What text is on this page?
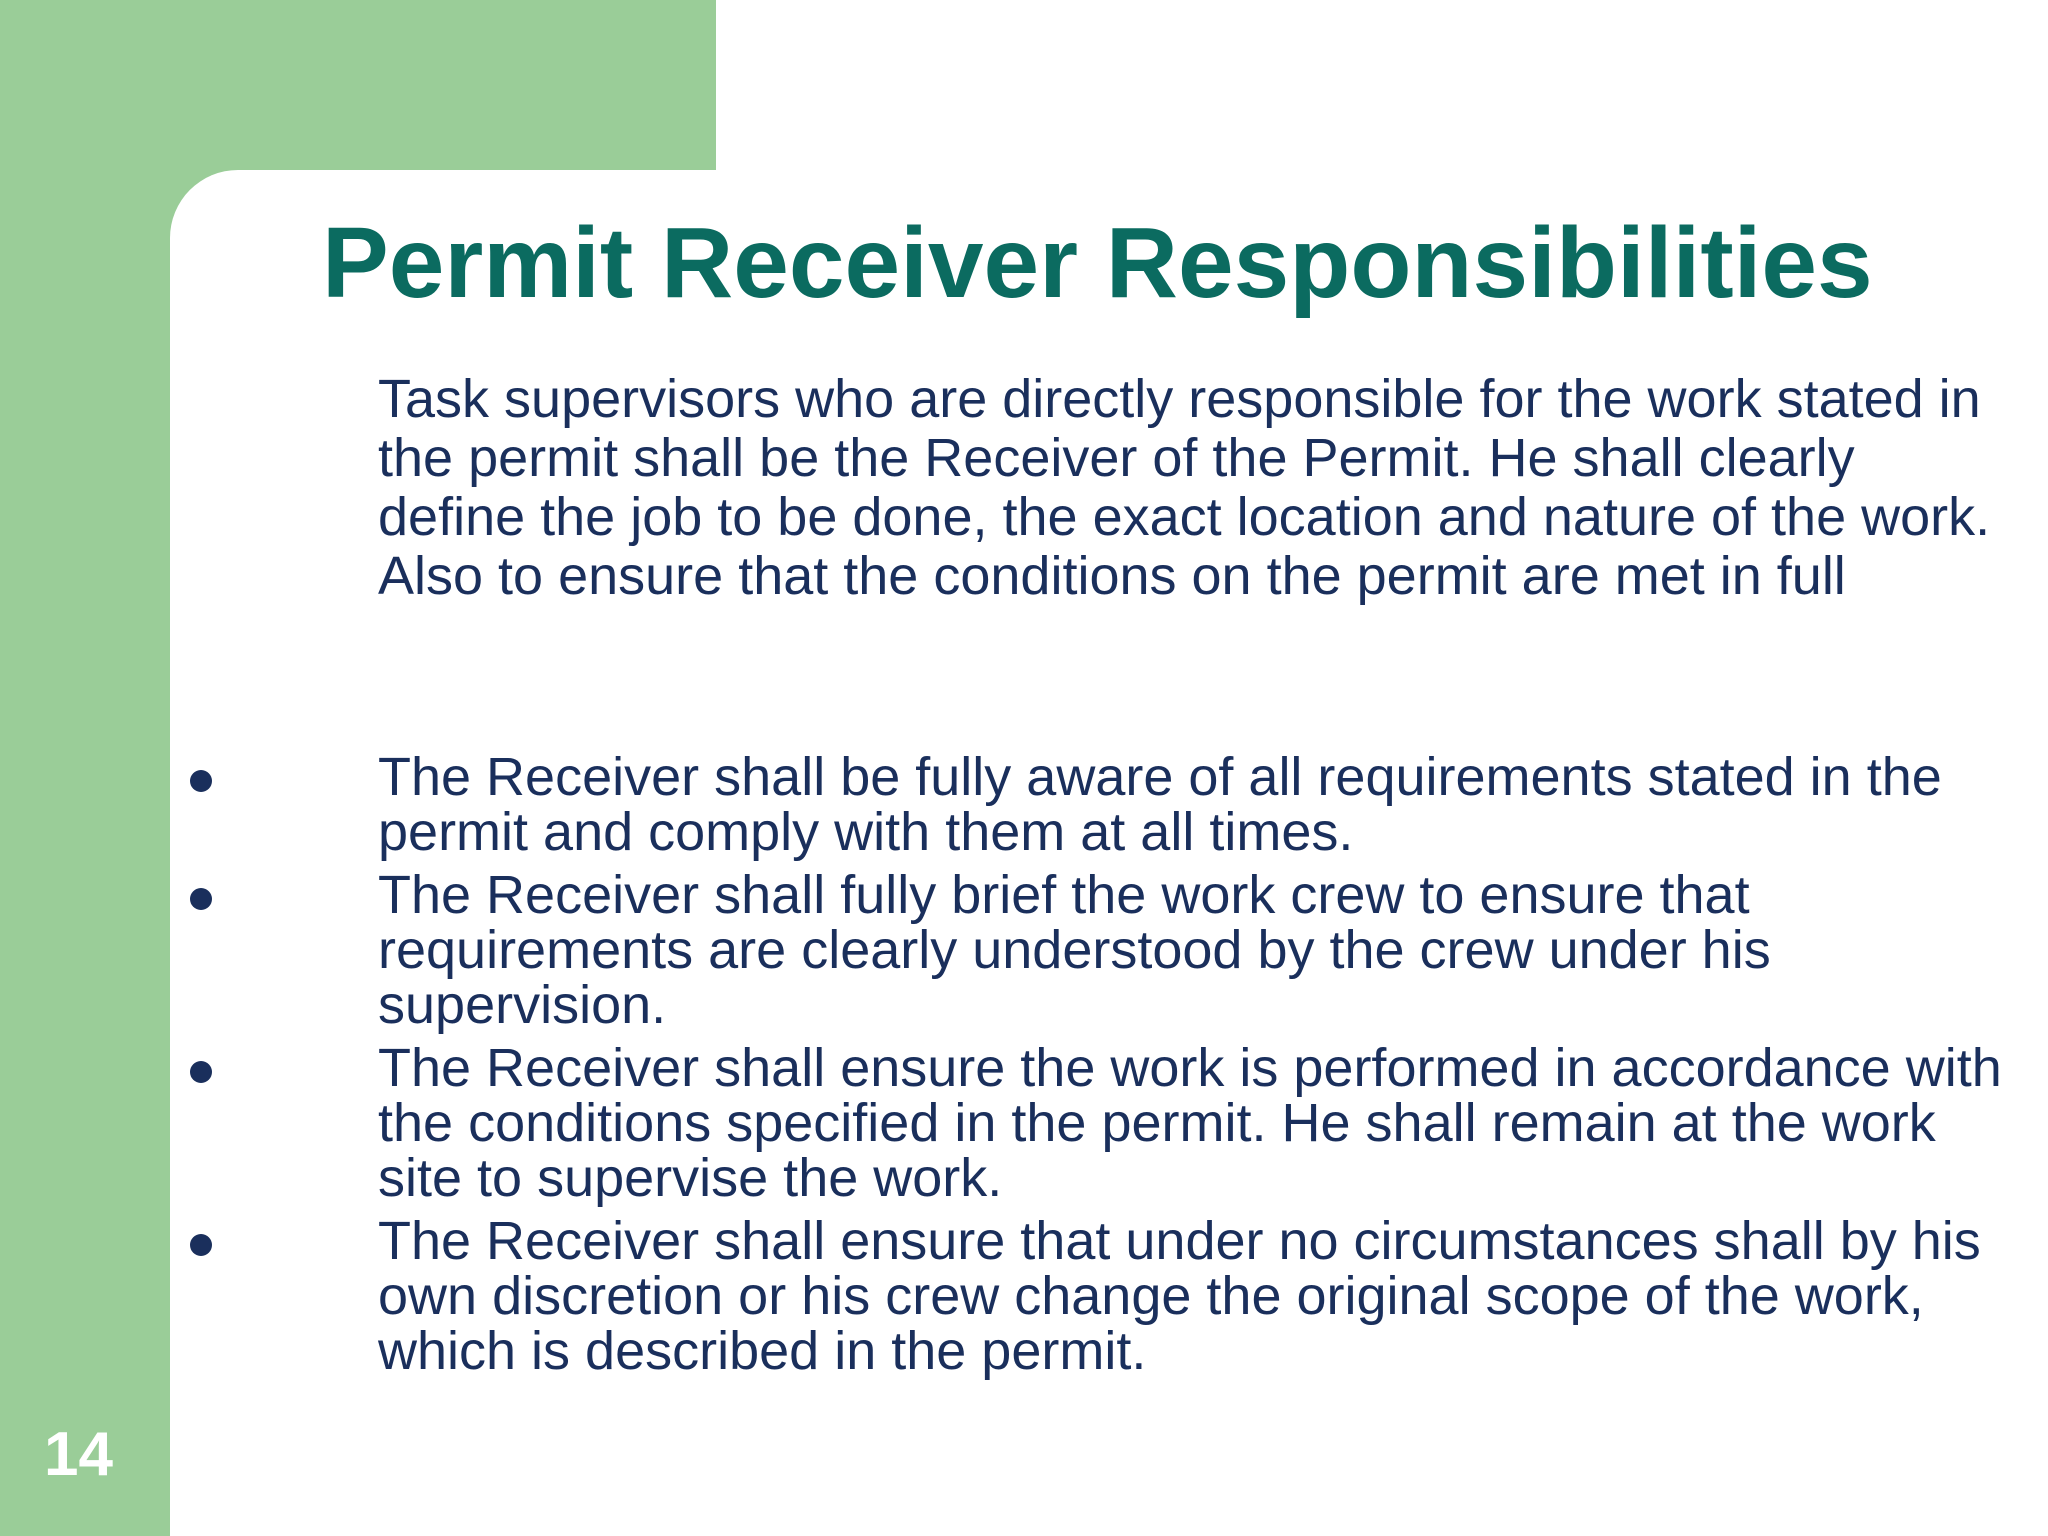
Permit Receiver Responsibilities

Task supervisors who are directly responsible for the work stated in the permit shall be the Receiver of the Permit. He shall clearly define the job to be done, the exact location and nature of the work. Also to ensure that the conditions on the permit are met in full

The Receiver shall be fully aware of all requirements stated in the permit and comply with them at all times.
The Receiver shall fully brief the work crew to ensure that requirements are clearly understood by the crew under his supervision.
The Receiver shall ensure the work is performed in accordance with the conditions specified in the permit. He shall remain at the work site to supervise the work.
The Receiver shall ensure that under no circumstances shall by his own discretion or his crew change the original scope of the work, which is described in the permit.
14
